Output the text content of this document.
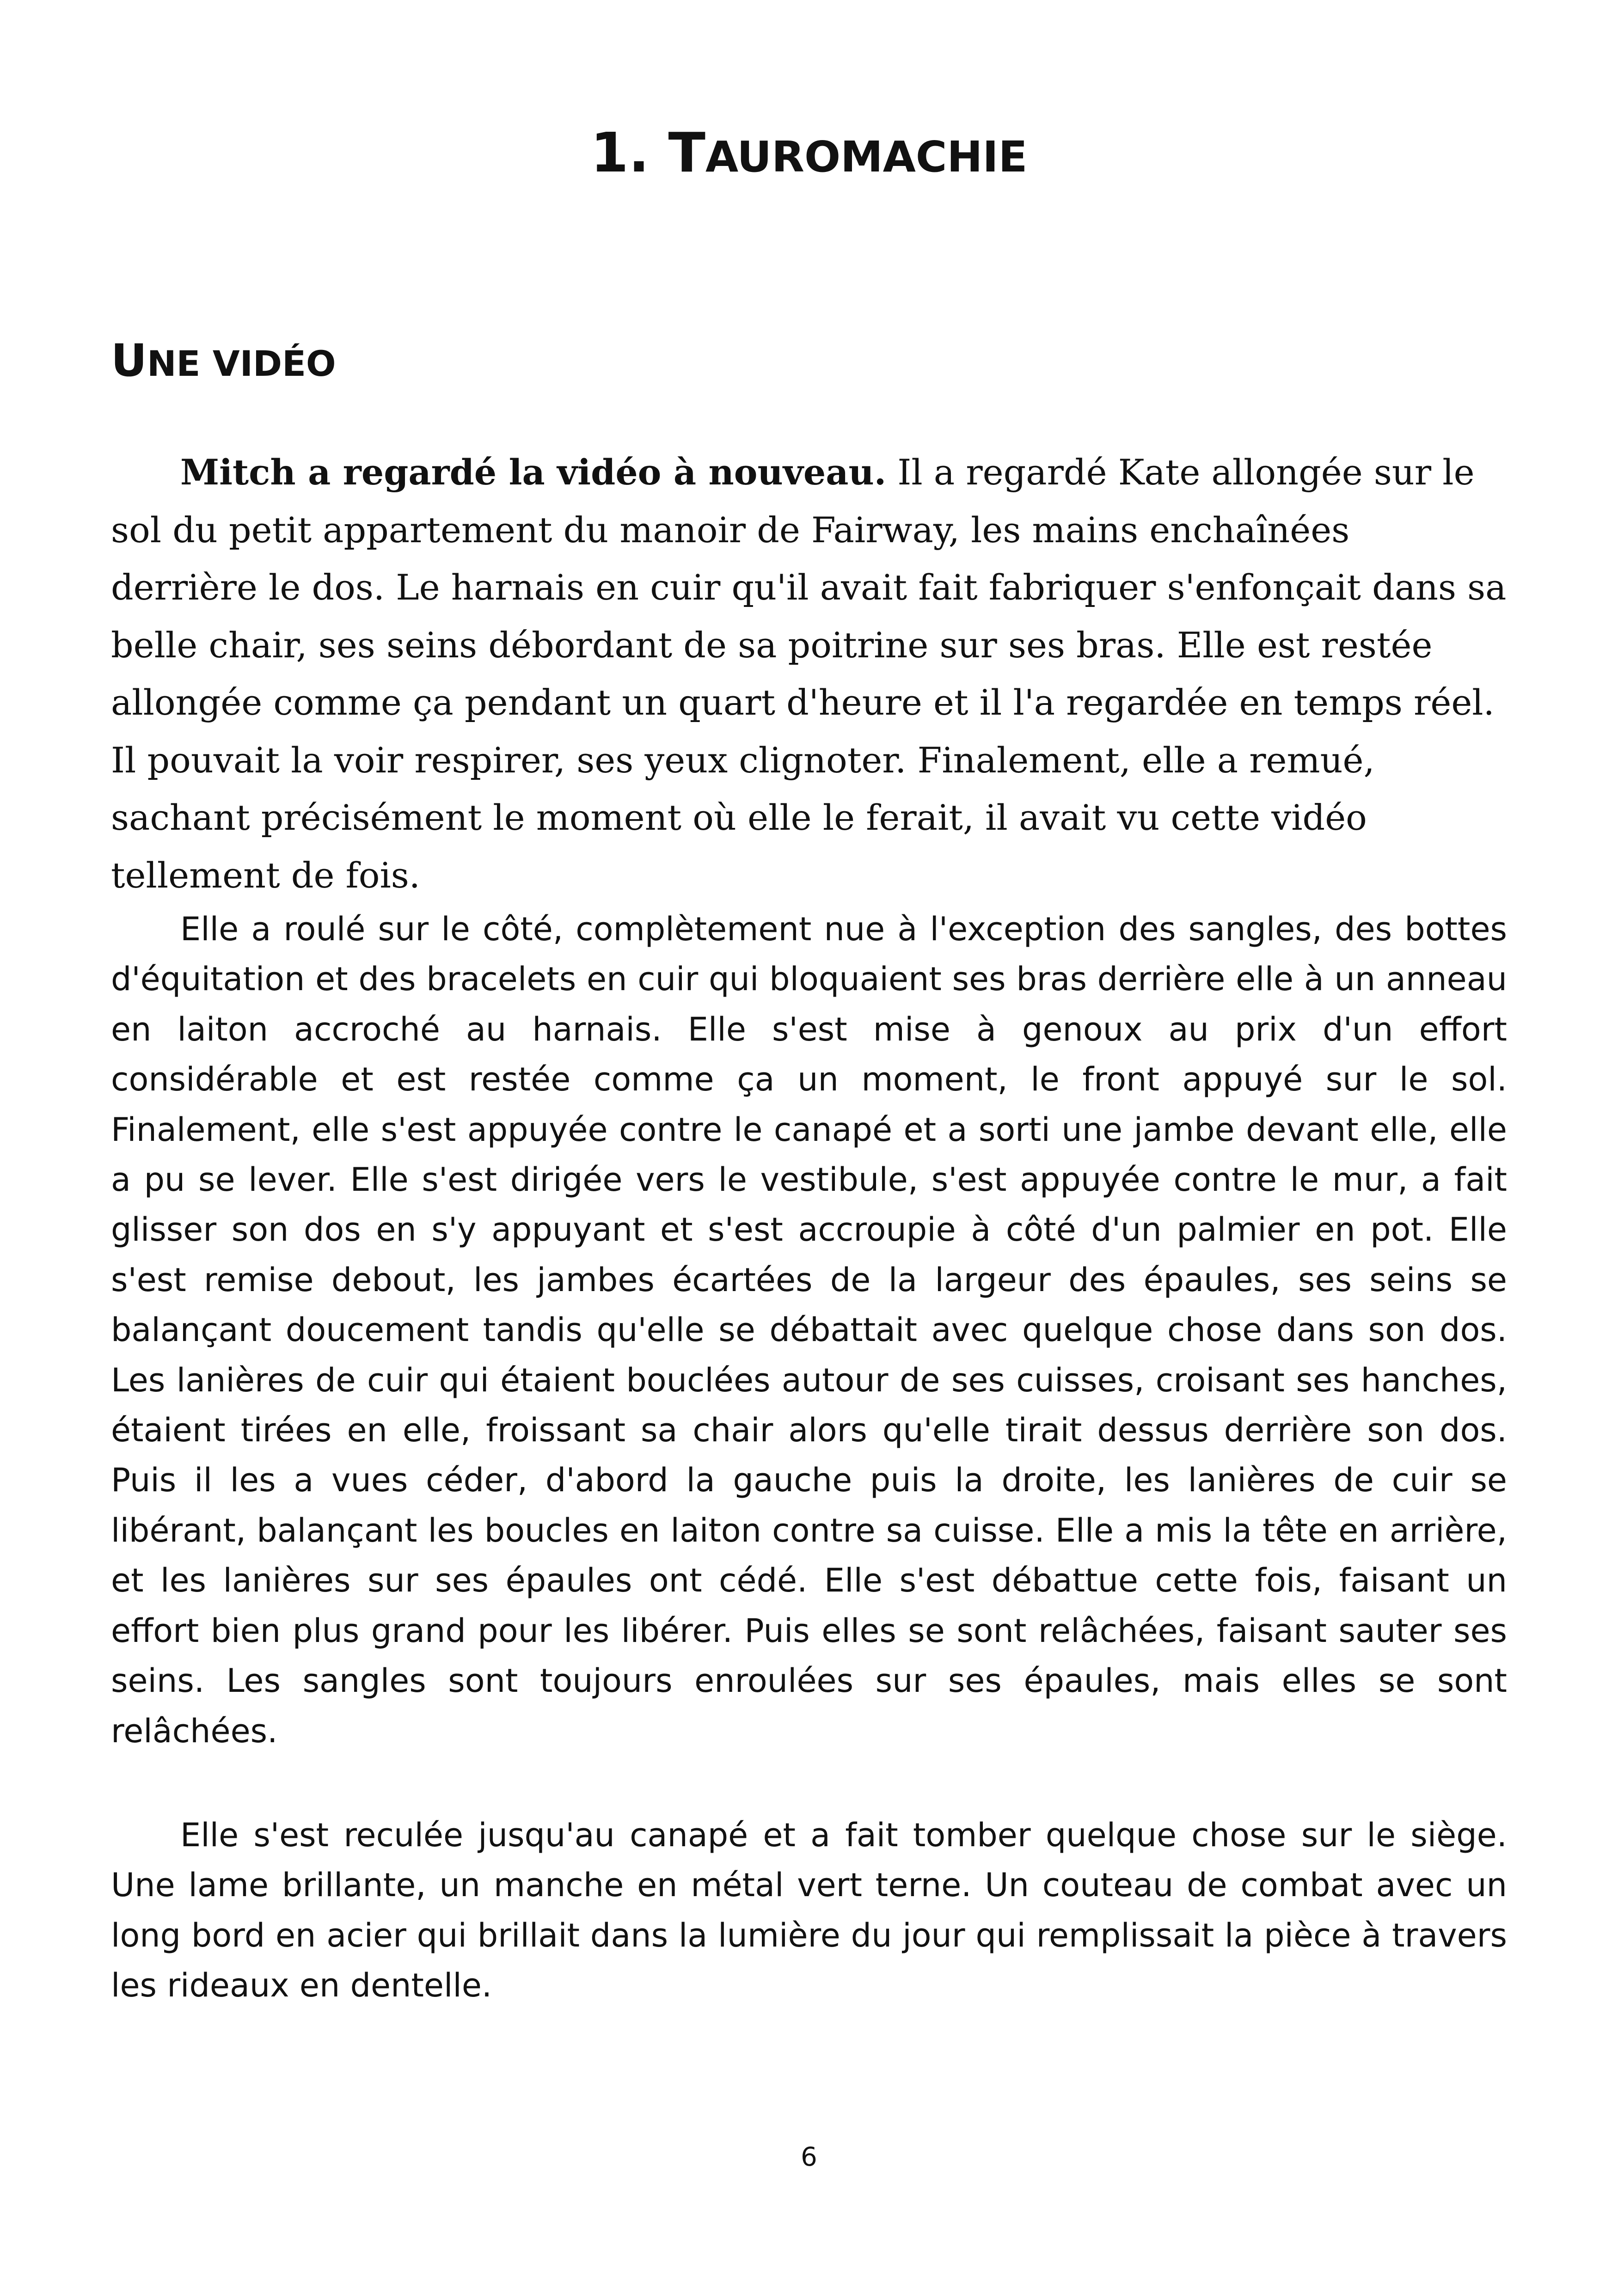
1. TAUROMACHIE
UNE VIDÉO

Mitch a regardé la vidéo à nouveau. Il a regardé Kate allongée sur le sol du petit appartement du manoir de Fairway, les mains enchaînées derrière le dos. Le harnais en cuir qu'il avait fait fabriquer s'enfonçait dans sa belle chair, ses seins débordant de sa poitrine sur ses bras. Elle est restée allongée comme ça pendant un quart d'heure et il l'a regardée en temps réel. Il pouvait la voir respirer, ses yeux clignoter. Finalement, elle a remué, sachant précisément le moment où elle le ferait, il avait vu cette vidéo tellement de fois.

Elle a roulé sur le côté, complètement nue à l'exception des sangles, des bottes d'équitation et des bracelets en cuir qui bloquaient ses bras derrière elle à un anneau en laiton accroché au harnais. Elle s'est mise à genoux au prix d'un effort considérable et est restée comme ça un moment, le front appuyé sur le sol. Finalement, elle s'est appuyée contre le canapé et a sorti une jambe devant elle, elle a pu se lever. Elle s'est dirigée vers le vestibule, s'est appuyée contre le mur, a fait glisser son dos en s'y appuyant et s'est accroupie à côté d'un palmier en pot. Elle s'est remise debout, les jambes écartées de la largeur des épaules, ses seins se balançant doucement tandis qu'elle se débattait avec quelque chose dans son dos. Les lanières de cuir qui étaient bouclées autour de ses cuisses, croisant ses hanches, étaient tirées en elle, froissant sa chair alors qu'elle tirait dessus derrière son dos. Puis il les a vues céder, d'abord la gauche puis la droite, les lanières de cuir se libérant, balançant les boucles en laiton contre sa cuisse. Elle a mis la tête en arrière, et les lanières sur ses épaules ont cédé. Elle s'est débattue cette fois, faisant un effort bien plus grand pour les libérer. Puis elles se sont relâchées, faisant sauter ses seins. Les sangles sont toujours enroulées sur ses épaules, mais elles se sont relâchées.

Elle s'est reculée jusqu'au canapé et a fait tomber quelque chose sur le siège. Une lame brillante, un manche en métal vert terne. Un couteau de combat avec un long bord en acier qui brillait dans la lumière du jour qui remplissait la pièce à travers les rideaux en dentelle.

6
